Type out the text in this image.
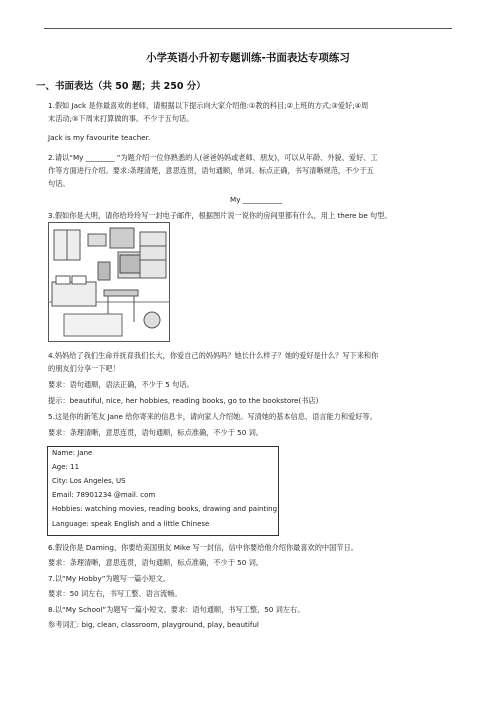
小学英语小升初专题训练-书面表达专项练习
一、书面表达（共 50 题；共 250 分）
1.假如 Jack 是你最喜欢的老师，请根据以下提示向大家介绍他:①教的科目;②上班的方式;③爱好;④周
末活动;⑤下周末打算做的事。不少于五句话。
Jack is my favourite teacher.
2.请以“My ________ ”为题介绍一位你熟悉的人(爸爸妈妈或老师、朋友)，可以从年龄、外貌、爱好、工
作等方面进行介绍。要求:条理清楚，意思连贯，语句通顺，单词、标点正确，书写清晰规范，不少于五
句话。
My ___________
3.假如你是大明，请你给玲玲写一封电子邮件，根据图片说一说你的房间里都有什么，用上 there be 句型。
4.妈妈给了我们生命并抚育我们长大，你爱自己的妈妈吗？她长什么样子？她的爱好是什么？写下来和你
的朋友们分享一下吧！
要求：语句通顺，语法正确，不少于 5 句话。
提示：beautiful, nice, her hobbies, reading books, go to the bookstore(书店)
5.这是你的新笔友 Jane 给你寄来的信息卡，请向家人介绍她。写清她的基本信息、语言能力和爱好等。
要求：条理清晰，意思连贯，语句通顺，标点准确，不少于 50 词。
Name: Jane
Age: 11
City: Los Angeles, US
Email: 78901234 @mail. com
Hobbies: watching movies, reading books, drawing and painting
Language: speak English and a little Chinese
6.假设你是 Daming，你要给美国朋友 Mike 写一封信，信中你要给他介绍你最喜欢的中国节日。
要求：条理清晰，意思连贯，语句通顺，标点准确，不少于 50 词。
7.以“My Hobby”为题写一篇小短文。
要求：50 词左右，书写工整、语言流畅。
8.以“My School”为题写一篇小短文。要求：语句通顺，书写工整，50 词左右。
参考词汇: big, clean, classroom, playground, play, beautiful
